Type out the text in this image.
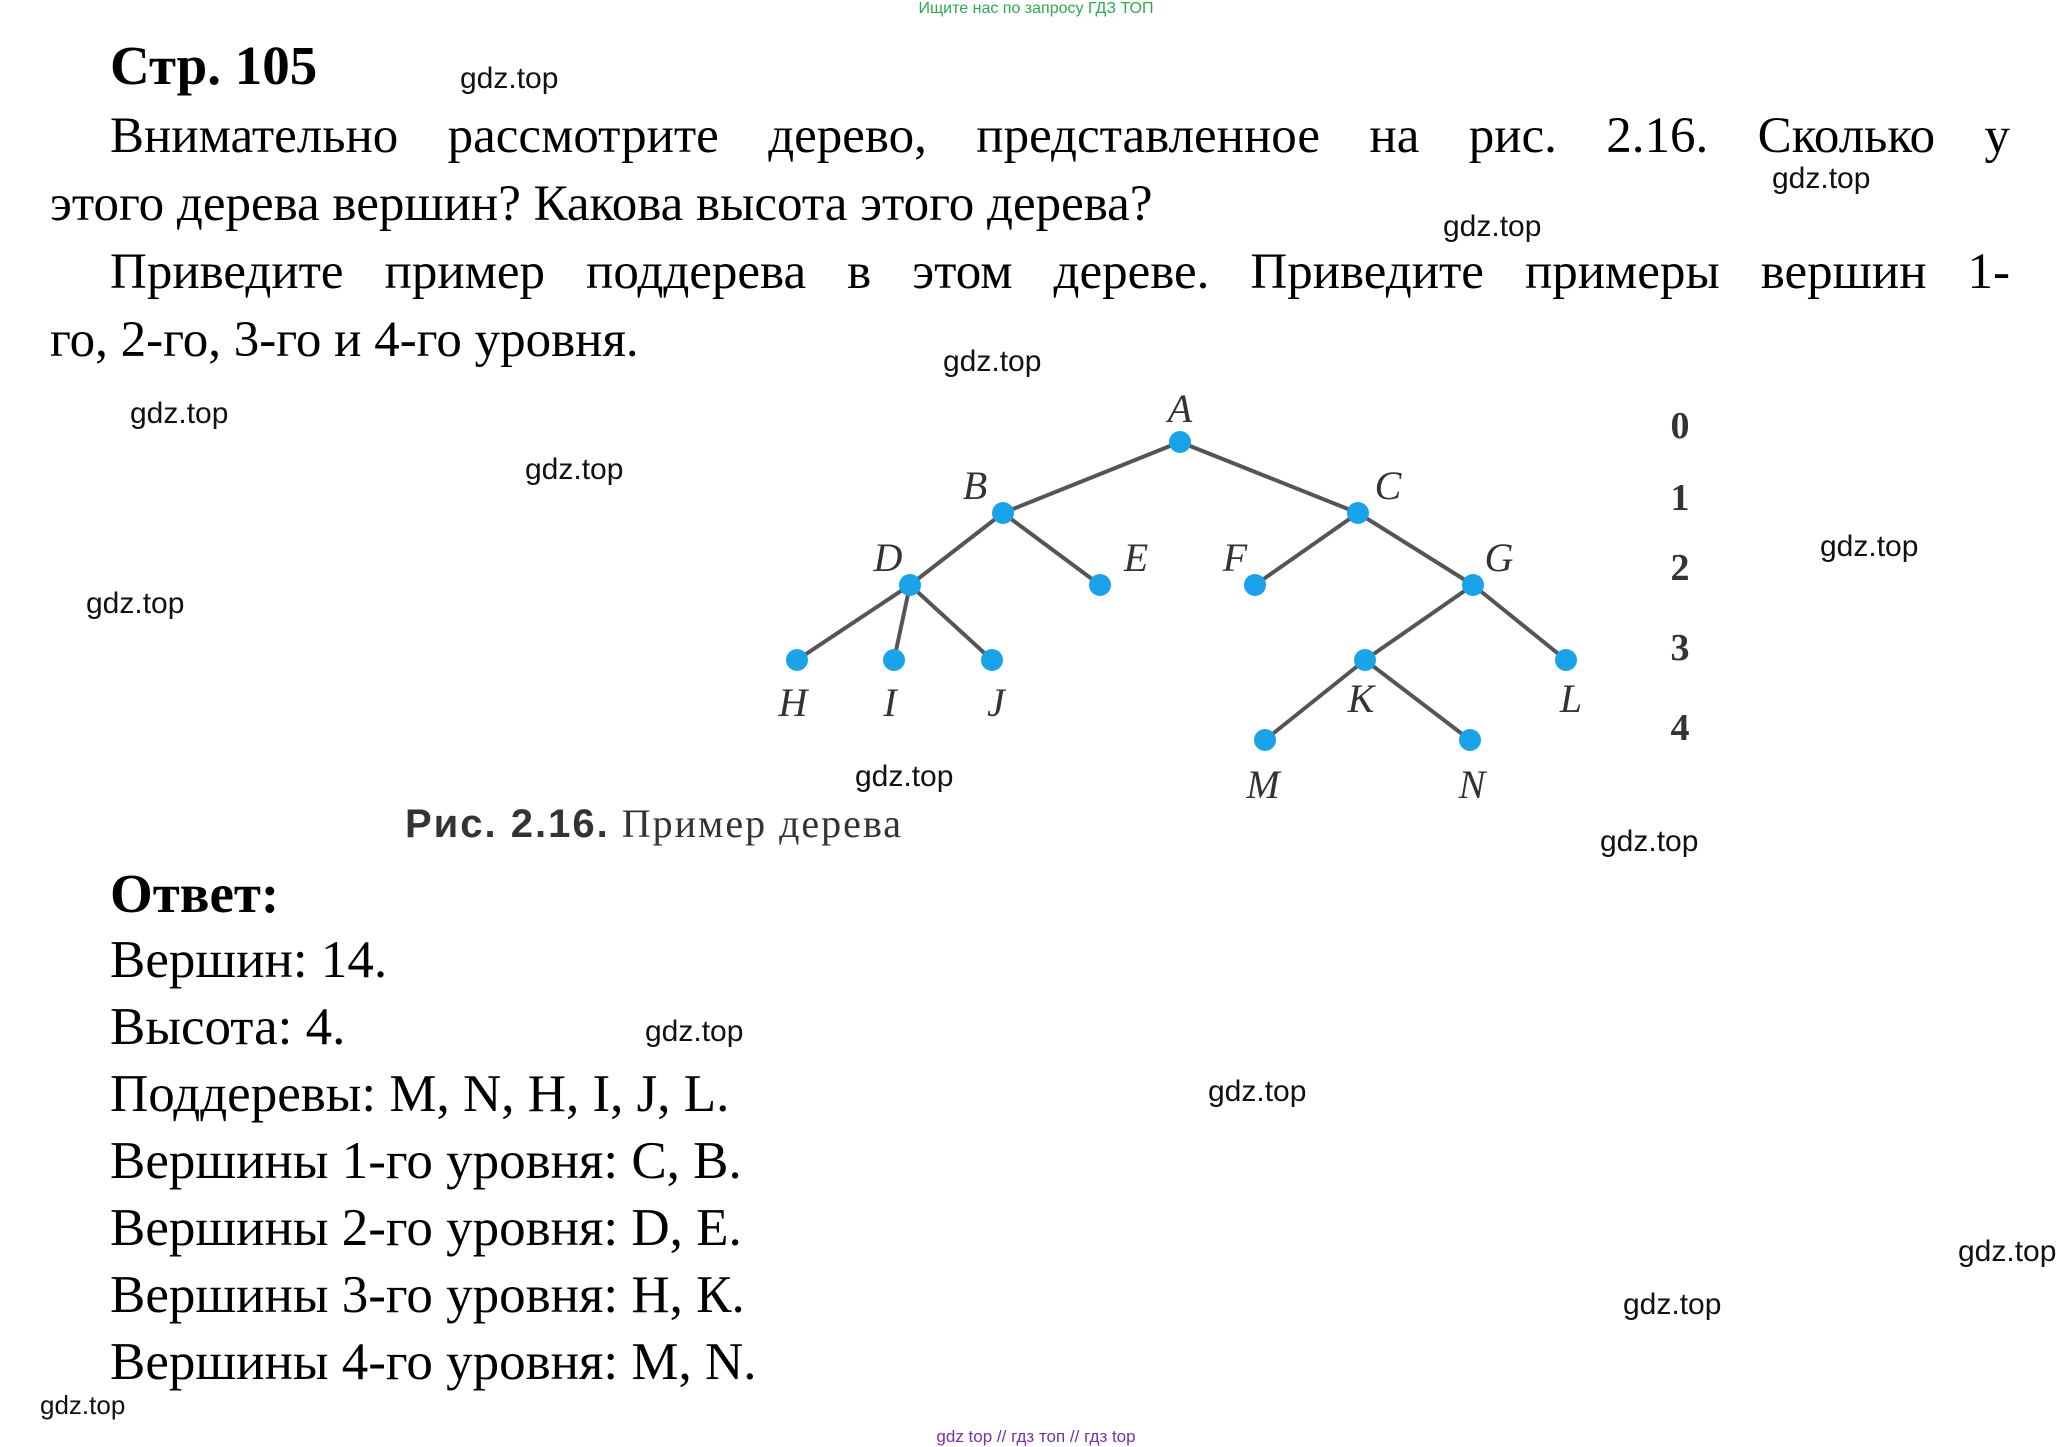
Ищите нас по запросу ГДЗ ТОП
Стр. 105
Внимательно рассмотрите дерево, представленное на рис. 2.16. Сколько у
этого дерева вершин? Какова высота этого дерева?
Приведите пример поддерева в этом дереве. Приведите примеры вершин 1-
го, 2-го, 3-го и 4-го уровня.
A
B	C
D	E F	G
H I J	K	L
M	N
0
1
2
3
4
Рис. 2.16. Пример дерева
Ответ:
Вершин: 14.
Высота: 4.
Поддеревы: M, N, H, I, J, L.
Вершины 1-го уровня: C, B.
Вершины 2-го уровня: D, E.
Вершины 3-го уровня: H, К.
Вершины 4-го уровня: M, N.
gdz.top
gdz.top
gdz.top
gdz.top
gdz.top
gdz.top
gdz.top
gdz.top
gdz.top
gdz.top
gdz.top
gdz.top
gdz.top
gdz.top
gdz.top
gdz top // гдз топ // гдз top
